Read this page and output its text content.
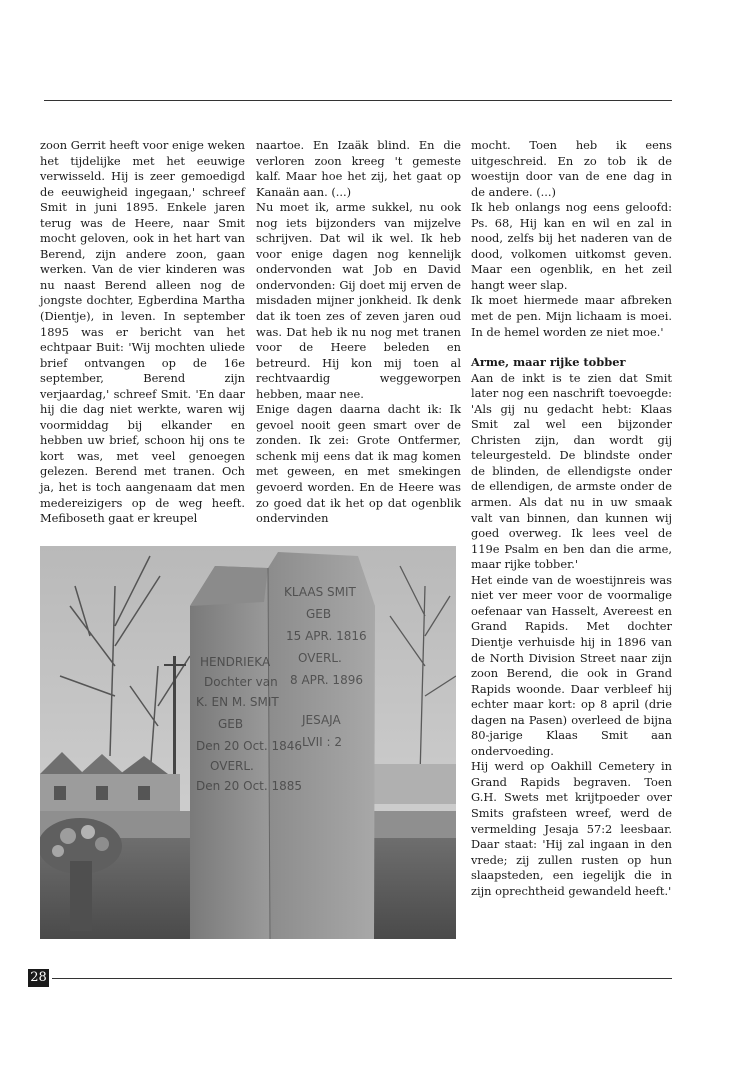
zoon Gerrit heeft voor enige weken het tijdelijke met het eeuwige verwisseld. Hij is zeer gemoedigd de eeuwigheid ingegaan,' schreef Smit in juni 1895. Enkele jaren terug was de Heere, naar Smit mocht geloven, ook in het hart van Berend, zijn andere zoon, gaan werken. Van de vier kinderen was nu naast Berend alleen nog de jongste dochter, Egberdina Martha (Dientje), in leven. In september 1895 was er bericht van het echtpaar Buit: 'Wij mochten uliede brief ontvangen op de 16e september, Berend zijn verjaardag,' schreef Smit. 'En daar hij die dag niet werkte, waren wij voormiddag bij elkander en hebben uw brief, schoon hij ons te kort was, met veel genoegen gelezen. Berend met tranen. Och ja, het is toch aangenaam dat men medereizigers op de weg heeft. Mefiboseth gaat er kreupel

naartoe. En Izaäk blind. En die verloren zoon kreeg 't gemeste kalf. Maar hoe het zij, het gaat op Kanaän aan. (...)

Nu moet ik, arme sukkel, nu ook nog iets bijzonders van mijzelve schrijven. Dat wil ik wel. Ik heb voor enige dagen nog kennelijk ondervonden wat Job en David ondervonden: Gij doet mij erven de misdaden mijner jonkheid. Ik denk dat ik toen zes of zeven jaren oud was. Dat heb ik nu nog met tranen voor de Heere beleden en betreurd. Hij kon mij toen al rechtvaardig weggeworpen hebben, maar nee.

Enige dagen daarna dacht ik: Ik gevoel nooit geen smart over de zonden. Ik zei: Grote Ontfermer, schenk mij eens dat ik mag komen met geween, en met smekingen gevoerd worden. En de Heere was zo goed dat ik het op dat ogenblik ondervinden

mocht. Toen heb ik eens uitgeschreid. En zo tob ik de woestijn door van de ene dag in de andere. (...)

Ik heb onlangs nog eens geloofd: Ps. 68, Hij kan en wil en zal in nood, zelfs bij het naderen van de dood, volkomen uitkomst geven. Maar een ogenblik, en het zeil hangt weer slap.

Ik moet hiermede maar afbreken met de pen. Mijn lichaam is moei. In de hemel worden ze niet moe.'

Arme, maar rijke tobber

Aan de inkt is te zien dat Smit later nog een naschrift toevoegde: 'Als gij nu gedacht hebt: Klaas Smit zal wel een bijzonder Christen zijn, dan wordt gij teleurgesteld. De blindste onder de blinden, de ellendigste onder de ellendigen, de armste onder de armen. Als dat nu in uw smaak valt van binnen, dan kunnen wij goed overweg. Ik lees veel de 119e Psalm en ben dan die arme, maar rijke tobber.'

Het einde van de woestijnreis was niet ver meer voor de voormalige oefenaar van Hasselt, Avereest en Grand Rapids. Met dochter Dientje verhuisde hij in 1896 van de North Division Street naar zijn zoon Berend, die ook in Grand Rapids woonde. Daar verbleef hij echter maar kort: op 8 april (drie dagen na Pasen) overleed de bijna 80-jarige Klaas Smit aan ondervoeding.

Hij werd op Oakhill Cemetery in Grand Rapids begraven. Toen G.H. Swets met krijtpoeder over Smits grafsteen wreef, werd de vermelding Jesaja 57:2 leesbaar. Daar staat: 'Hij zal ingaan in den vrede; zij zullen rusten op hun slaapsteden, een iegelijk die in zijn oprechtheid gewandeld heeft.'

HENDRIEKA
Dochter van
K. EN M. SMIT
GEB
Den 20 Oct. 1846
OVERL.
Den 20 Oct. 1885
KLAAS SMIT
GEB
15 APR. 1816
OVERL.
8 APR. 1896
JESAJA
LVII : 2
28
